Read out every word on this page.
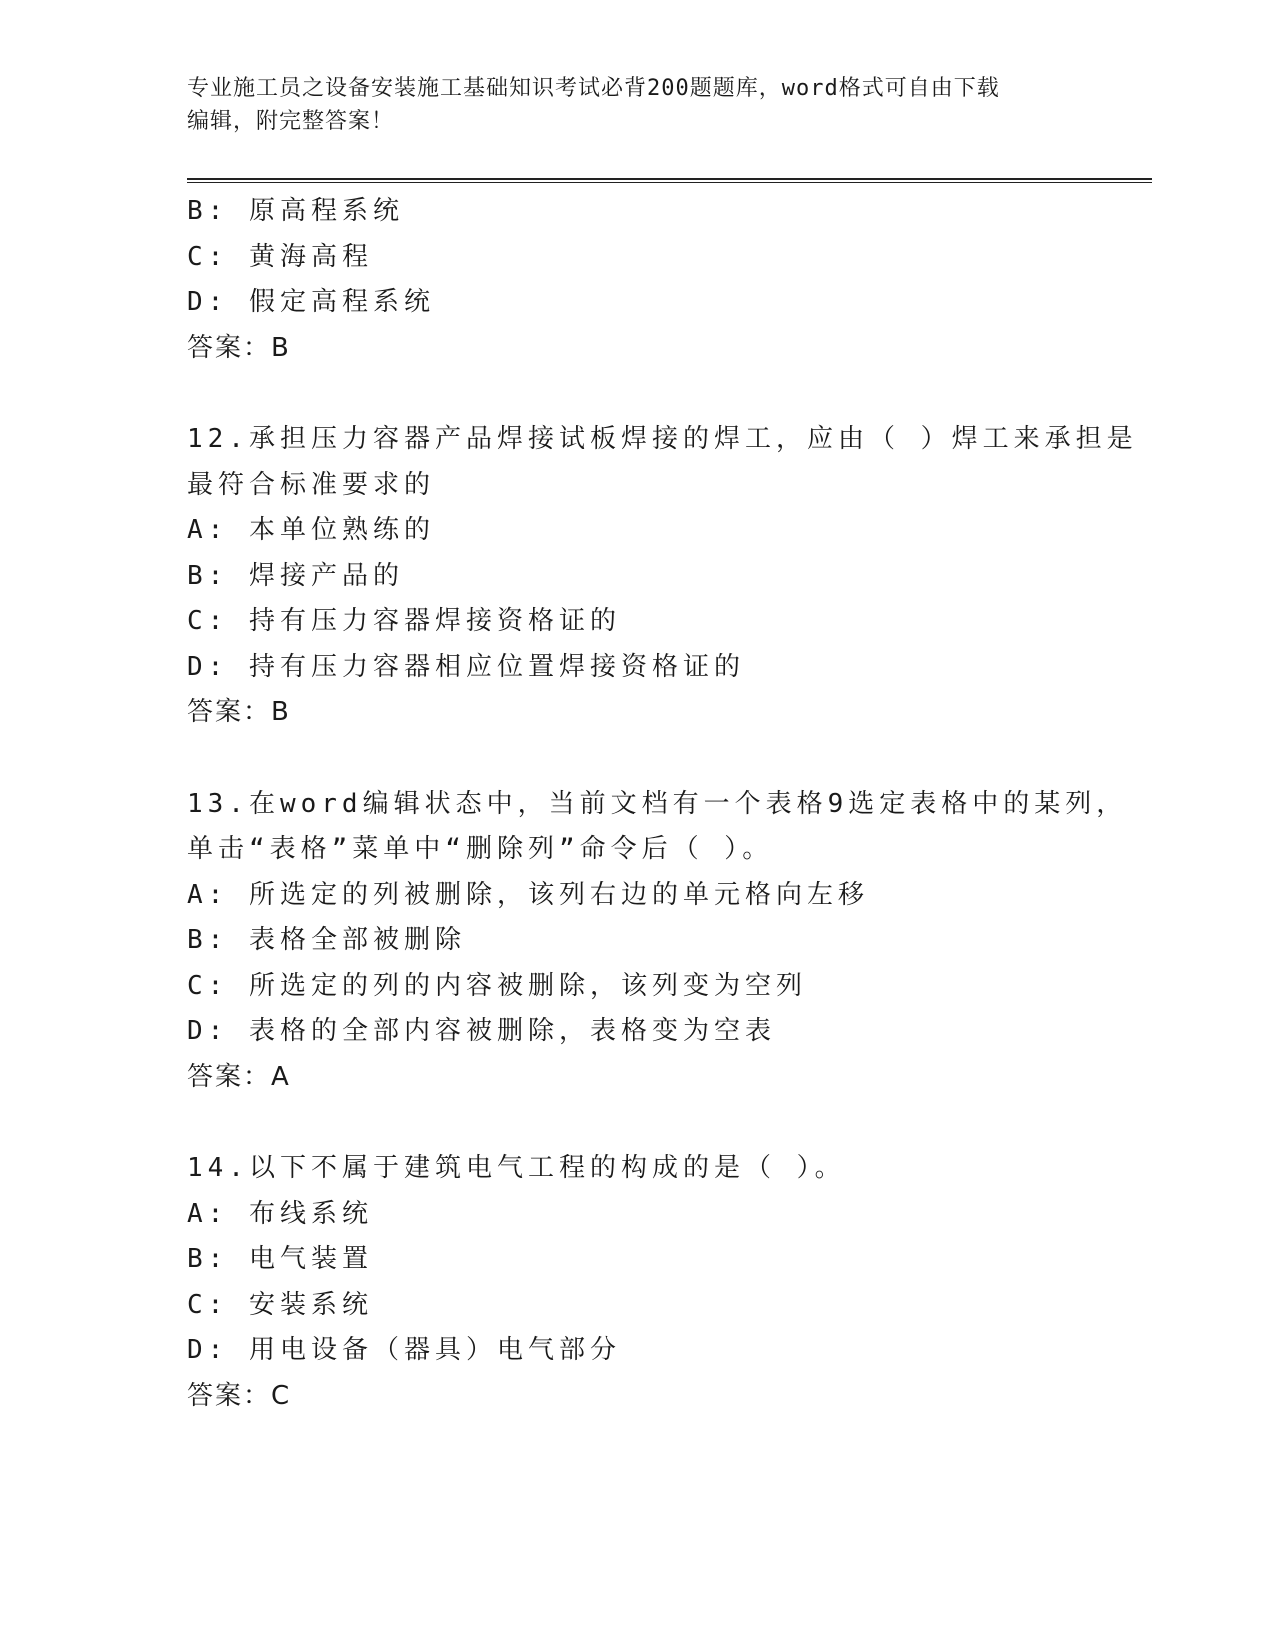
专业施工员之设备安装施工基础知识考试必背200题题库，word格式可自由下载
编辑，附完整答案！
B: 原高程系统
C: 黄海高程
D: 假定高程系统
答案：B
12.承担压力容器产品焊接试板焊接的焊工，应由（ ）焊工来承担是
最符合标准要求的
A: 本单位熟练的
B: 焊接产品的
C: 持有压力容器焊接资格证的
D: 持有压力容器相应位置焊接资格证的
答案：B
13.在word编辑状态中，当前文档有一个表格9选定表格中的某列，
单击“表格”菜单中“删除列”命令后（ ）。
A: 所选定的列被删除，该列右边的单元格向左移
B: 表格全部被删除
C: 所选定的列的内容被删除，该列变为空列
D: 表格的全部内容被删除，表格变为空表
答案：A
14.以下不属于建筑电气工程的构成的是（ ）。
A: 布线系统
B: 电气装置
C: 安装系统
D: 用电设备（器具）电气部分
答案：C
